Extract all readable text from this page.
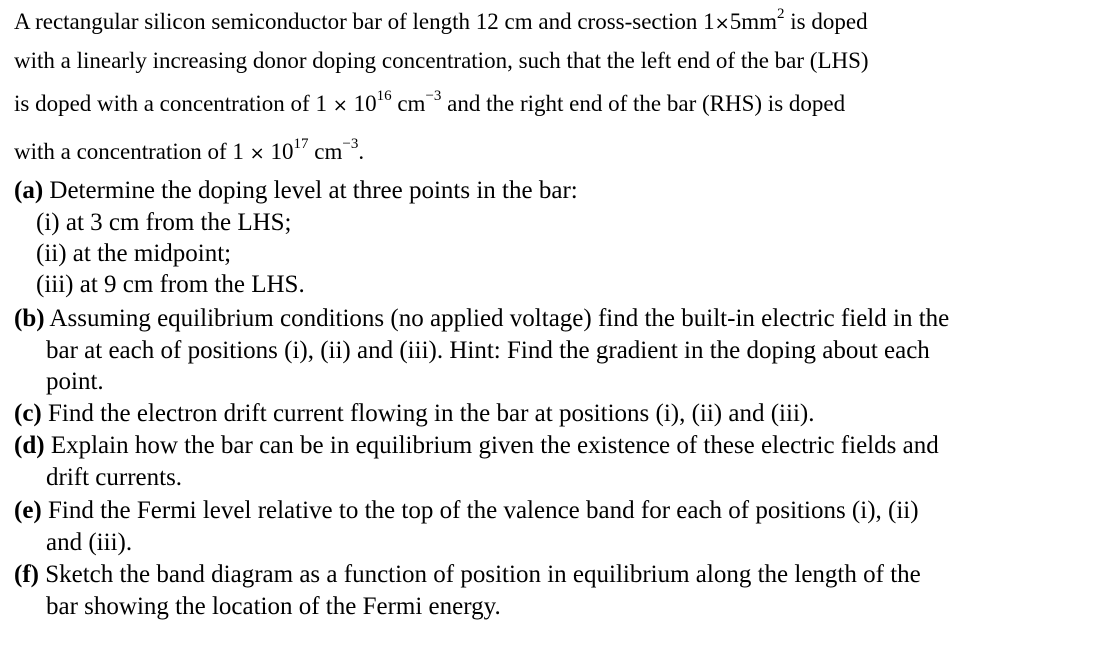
A rectangular silicon semiconductor bar of length 12 cm and cross-section $1\times 5mm^2$ is doped
with a linearly increasing donor doping concentration, such that the left end of the bar (LHS)
is doped with a concentration of $1 \times 10^{16}$ $cm^{-3}$ and the right end of the bar (RHS) is doped
with a concentration of $1 \times 10^{17}$ $cm^{-3}$.
(a) Determine the doping level at three points in the bar:
(i) at 3 cm from the LHS;
(ii) at the midpoint;
(iii) at 9 cm from the LHS.
(b) Assuming equilibrium conditions (no applied voltage) find the built-in electric field in the
bar at each of positions (i), (ii) and (iii). Hint: Find the gradient in the doping about each
point.
(c) Find the electron drift current flowing in the bar at positions (i), (ii) and (iii).
(d) Explain how the bar can be in equilibrium given the existence of these electric fields and
drift currents.
(e) Find the Fermi level relative to the top of the valence band for each of positions (i), (ii)
and (iii).
(f) Sketch the band diagram as a function of position in equilibrium along the length of the
bar showing the location of the Fermi energy.
